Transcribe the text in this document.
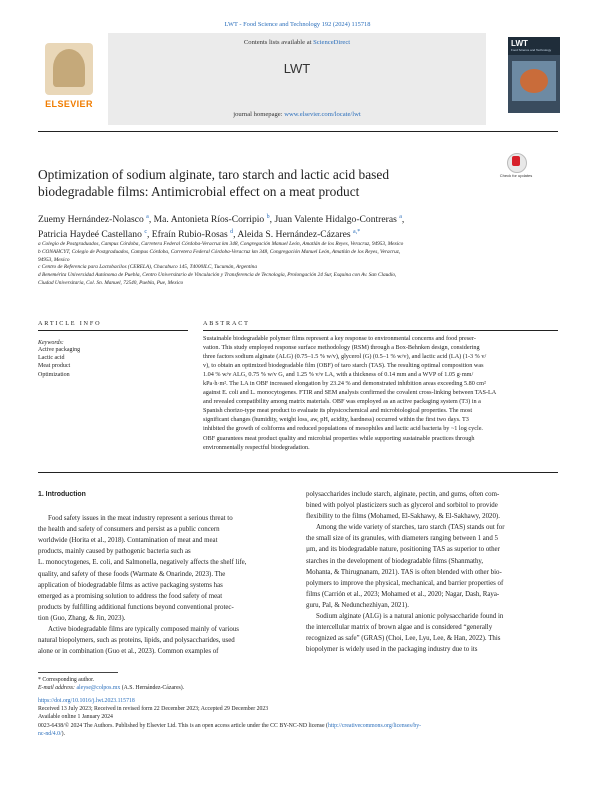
LWT - Food Science and Technology 192 (2024) 115718
ELSEVIER
Contents lists available at ScienceDirect
LWT
journal homepage: www.elsevier.com/locate/lwt
LWT
Food Science and Technology
Optimization of sodium alginate, taro starch and lactic acid based
biodegradable films: Antimicrobial effect on a meat product
Check for updates
Zuemy Hernández-Nolasco $^a$, Ma. Antonieta Ríos-Corripio $^b$, Juan Valente Hidalgo-Contreras $^a$,
Patricia Haydeé Castellano $^c$, Efraín Rubio-Rosas $^d$, Aleida S. Hernández-Cázares $^{a,*}$
a Colegio de Postgraduados, Campus Córdoba, Carretera Federal Córdoba-Veracruz km 348, Congregación Manuel León, Amatlán de los Reyes, Veracruz, 94953, Mexico
b CONAHCYT, Colegio de Postgraduados, Campus Córdoba, Carretera Federal Córdoba-Veracruz km 348, Congregación Manuel León, Amatlán de los Reyes, Veracruz,
94953, Mexico
c Centro de Referencia para Lactobacilos (CERELA), Chacabuco 145, T4000ILC, Tucumán, Argentina
d Benemérita Universidad Autónoma de Puebla, Centro Universitario de Vinculación y Transferencia de Tecnología, Prolongación 24 Sur, Esquina con Av. San Claudio,
Ciudad Universitaria, Col. Sn. Manuel, 72540, Puebla, Pue, Mexico
ARTICLE INFO
Keywords:
Active packaging
Lactic acid
Meat product
Optimization
ABSTRACT
Sustainable biodegradable polymer films represent a key response to environmental concerns and food preser-
vation. This study employed response surface methodology (RSM) through a Box-Behnken design, considering
three factors sodium alginate (ALG) (0.75–1.5 % w/v), glycerol (G) (0.5–1 % w/v), and lactic acid (LA) (1-3 % v/
v), to obtain an optimized biodegradable film (OBF) of taro starch (TAS). The resulting optimal composition was
1.04 % w/v ALG, 0.75 % w/v G, and 1.25 % v/v LA, with a thickness of 0.14 mm and a WVP of 1.05 g·mm/
kPa·h·m². The LA in OBF increased elongation by 23.24 % and demonstrated inhibition areas exceeding 5.80 cm²
against E. coli and L. monocytogenes. FTIR and SEM analysis confirmed the covalent cross-linking between TAS-LA
and revealed compatibility among matrix materials. OBF was employed as an active packaging system (T3) in a
Spanish chorizo-type meat product to evaluate its physicochemical and microbiological properties. The most
significant changes (humidity, weight loss, aw, pH, acidity, hardness) occurred within the first two days. T3
inhibited the growth of coliforms and reduced populations of mesophiles and lactic acid bacteria by ~1 log cycle.
OBF guarantees meat product quality and microbial properties while supporting sustainable practices through
environmentally respectful biodegradation.
1. Introduction

Food safety issues in the meat industry represent a serious threat to

the health and safety of consumers and persist as a public concern

worldwide (Horita et al., 2018). Contamination of meat and meat

products, mainly caused by pathogenic bacteria such as

L. monocytogenes, E. coli, and Salmonella, negatively affects the shelf life,

quality, and safety of these foods (Warmate & Onarinde, 2023). The

application of biodegradable films as active packaging systems has

emerged as a promising solution to address the food safety of meat

products by fulfilling additional functions beyond conventional protec-

tion (Guo, Zhang, & Jin, 2023).

Active biodegradable films are typically composed mainly of various

natural biopolymers, such as proteins, lipids, and polysaccharides, used

alone or in combination (Guo et al., 2023). Common examples of

polysaccharides include starch, alginate, pectin, and gums, often com-

bined with polyol plasticizers such as glycerol and sorbitol to provide

flexibility to the films (Mohamed, El-Sakhawy, & El-Sakhawy, 2020).

Among the wide variety of starches, taro starch (TAS) stands out for

the small size of its granules, with diameters ranging between 1 and 5

µm, and its biodegradable nature, positioning TAS as superior to other

starches in the development of biodegradable films (Shanmathy,

Mohanta, & Thirugnanam, 2021). TAS is often blended with other bio-

polymers to improve the physical, mechanical, and barrier properties of

films (Carrión et al., 2023; Mohamed et al., 2020; Nagar, Dash, Raya-

guru, Pal, & Nedunchezhiyan, 2021).

Sodium alginate (ALG) is a natural anionic polysaccharide found in

the intercellular matrix of brown algae and is considered “generally

recognized as safe” (GRAS) (Choi, Lee, Lyu, Lee, & Han, 2022). This

biopolymer is widely used in the packaging industry due to its

* Corresponding author.
E-mail address: aleyse@colpos.mx (A.S. Hernández-Cázares).
https://doi.org/10.1016/j.lwt.2023.115718
Received 13 July 2023; Received in revised form 22 December 2023; Accepted 29 December 2023
Available online 1 January 2024
0023-6438/© 2024 The Authors. Published by Elsevier Ltd. This is an open access article under the CC BY-NC-ND license (http://creativecommons.org/licenses/by-
nc-nd/4.0/).
